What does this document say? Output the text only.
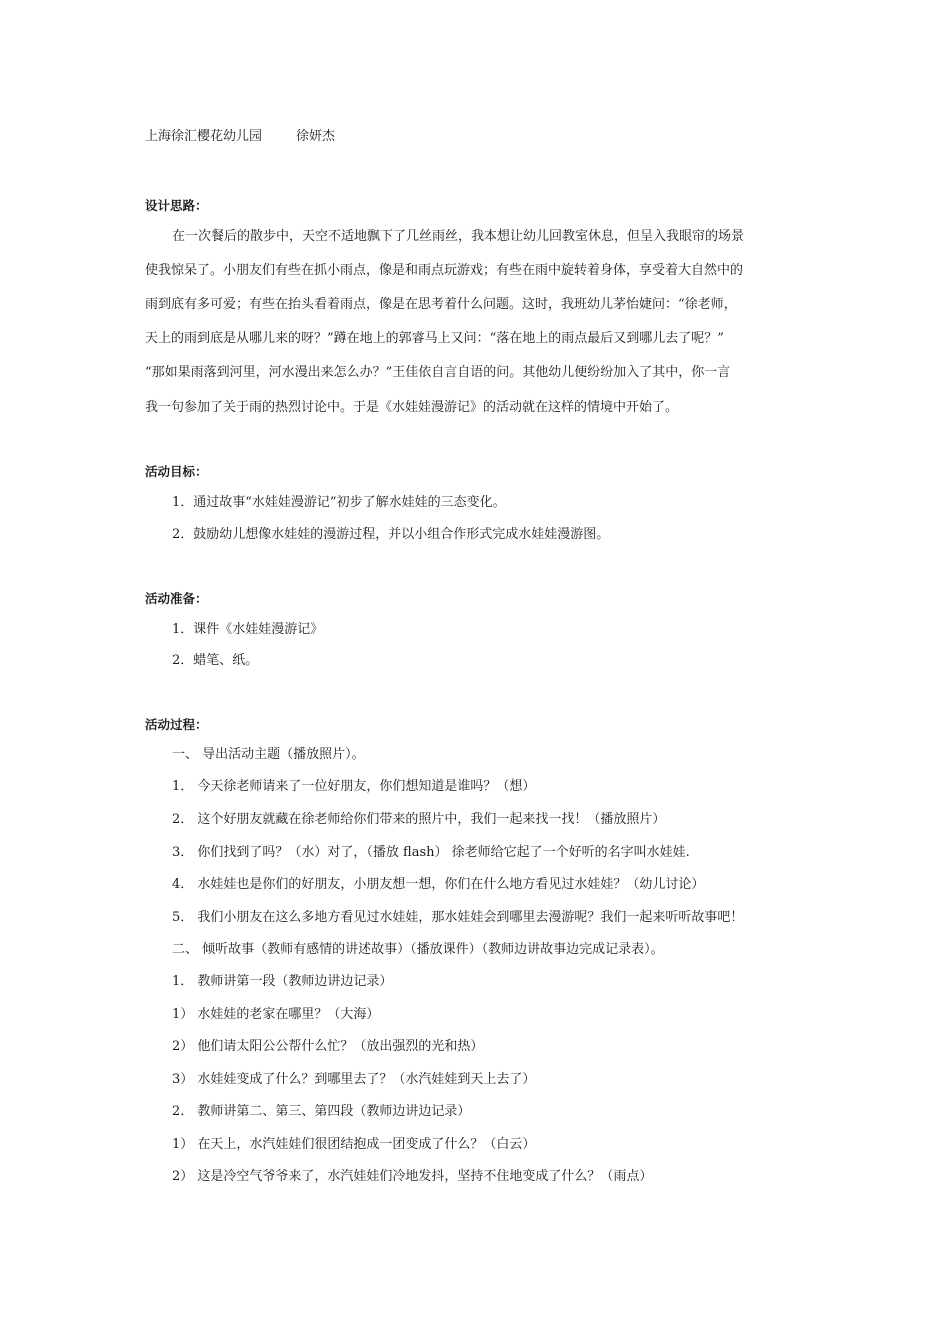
上海徐汇樱花幼儿园	徐妍杰
设计思路：
在一次餐后的散步中，天空不适地飘下了几丝雨丝，我本想让幼儿回教室休息，但呈入我眼帘的场景
使我惊呆了。小朋友们有些在抓小雨点，像是和雨点玩游戏；有些在雨中旋转着身体，享受着大自然中的
雨到底有多可爱；有些在抬头看着雨点，像是在思考着什么问题。这时，我班幼儿茅怡婕问：“徐老师，
天上的雨到底是从哪儿来的呀？”蹲在地上的郭睿马上又问：“落在地上的雨点最后又到哪儿去了呢？”
“那如果雨落到河里，河水漫出来怎么办？”王佳依自言自语的问。其他幼儿便纷纷加入了其中，你一言
我一句参加了关于雨的热烈讨论中。于是《水娃娃漫游记》的活动就在这样的情境中开始了。
活动目标：
1．通过故事“水娃娃漫游记”初步了解水娃娃的三态变化。
2．鼓励幼儿想像水娃娃的漫游过程，并以小组合作形式完成水娃娃漫游图。
活动准备：
1．课件《水娃娃漫游记》
2．蜡笔、纸。
活动过程：
一、 导出活动主题（播放照片）。
1． 今天徐老师请来了一位好朋友，你们想知道是谁吗？（想）
2． 这个好朋友就藏在徐老师给你们带来的照片中，我们一起来找一找！（播放照片）
3． 你们找到了吗？（水）对了，（播放 flash） 徐老师给它起了一个好听的名字叫水娃娃.
4． 水娃娃也是你们的好朋友，小朋友想一想，你们在什么地方看见过水娃娃？（幼儿讨论）
5． 我们小朋友在这么多地方看见过水娃娃，那水娃娃会到哪里去漫游呢？我们一起来听听故事吧！
二、 倾听故事（教师有感情的讲述故事）（播放课件）（教师边讲故事边完成记录表）。
1． 教师讲第一段（教师边讲边记录）
1） 水娃娃的老家在哪里？（大海）
2） 他们请太阳公公帮什么忙？（放出强烈的光和热）
3） 水娃娃变成了什么？到哪里去了？（水汽娃娃到天上去了）
2． 教师讲第二、第三、第四段（教师边讲边记录）
1） 在天上，水汽娃娃们很团结抱成一团变成了什么？（白云）
2） 这是冷空气爷爷来了，水汽娃娃们冷地发抖，坚持不住地变成了什么？（雨点）
